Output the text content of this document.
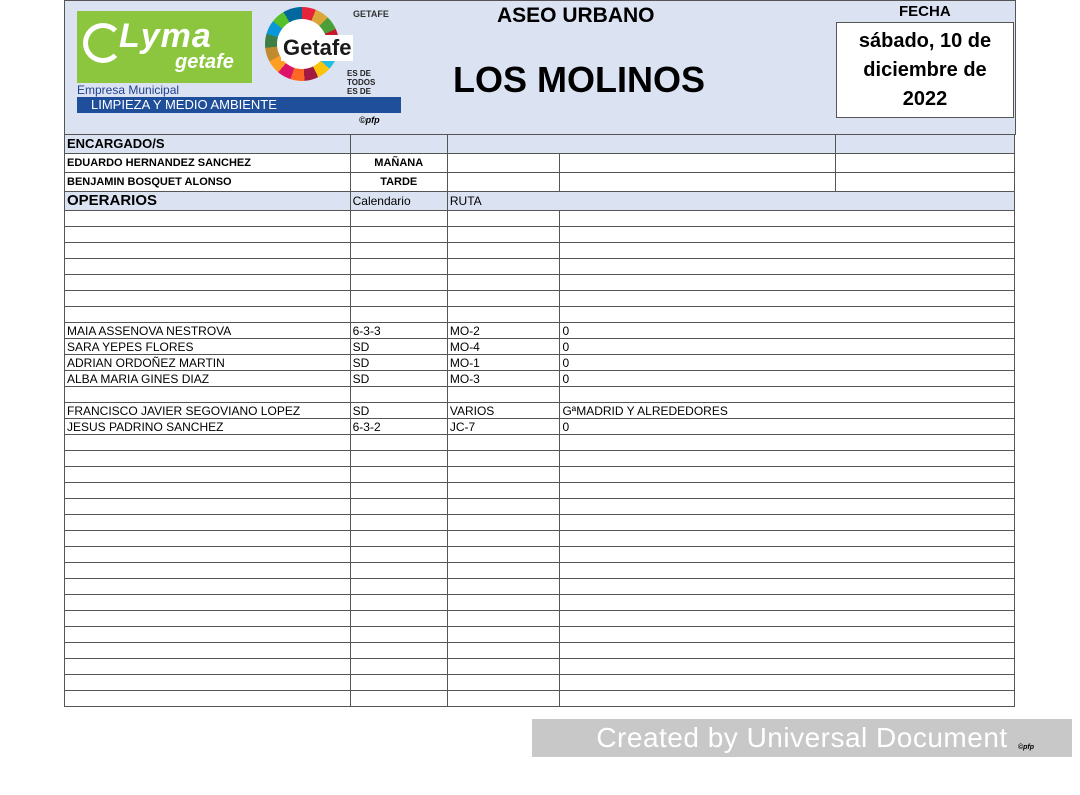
Lyma
getafe
Getafe
GETAFE
ES DE TODOS
ES DE
Empresa Municipal
LIMPIEZA Y MEDIO AMBIENTE
©pfp
ASEO URBANO
LOS MOLINOS
FECHA
sábado, 10 de diciembre de 2022
ENCARGADO/S				
EDUARDO HERNANDEZ SANCHEZ	MAÑANA			
BENJAMIN BOSQUET ALONSO	TARDE			
OPERARIOS	Calendario	RUTA		

MAIA ASSENOVA NESTROVA	6-3-3	MO-2	0	
SARA YEPES FLORES	SD	MO-4	0	
ADRIAN ORDOÑEZ MARTIN	SD	MO-1	0	
ALBA MARIA GINES DIAZ	SD	MO-3	0	

FRANCISCO JAVIER SEGOVIANO LOPEZ	SD	VARIOS	GªMADRID Y ALREDEDORES	
JESUS PADRINO SANCHEZ	6-3-2	JC-7	0	

Created by Universal Document Converter
©pfp
